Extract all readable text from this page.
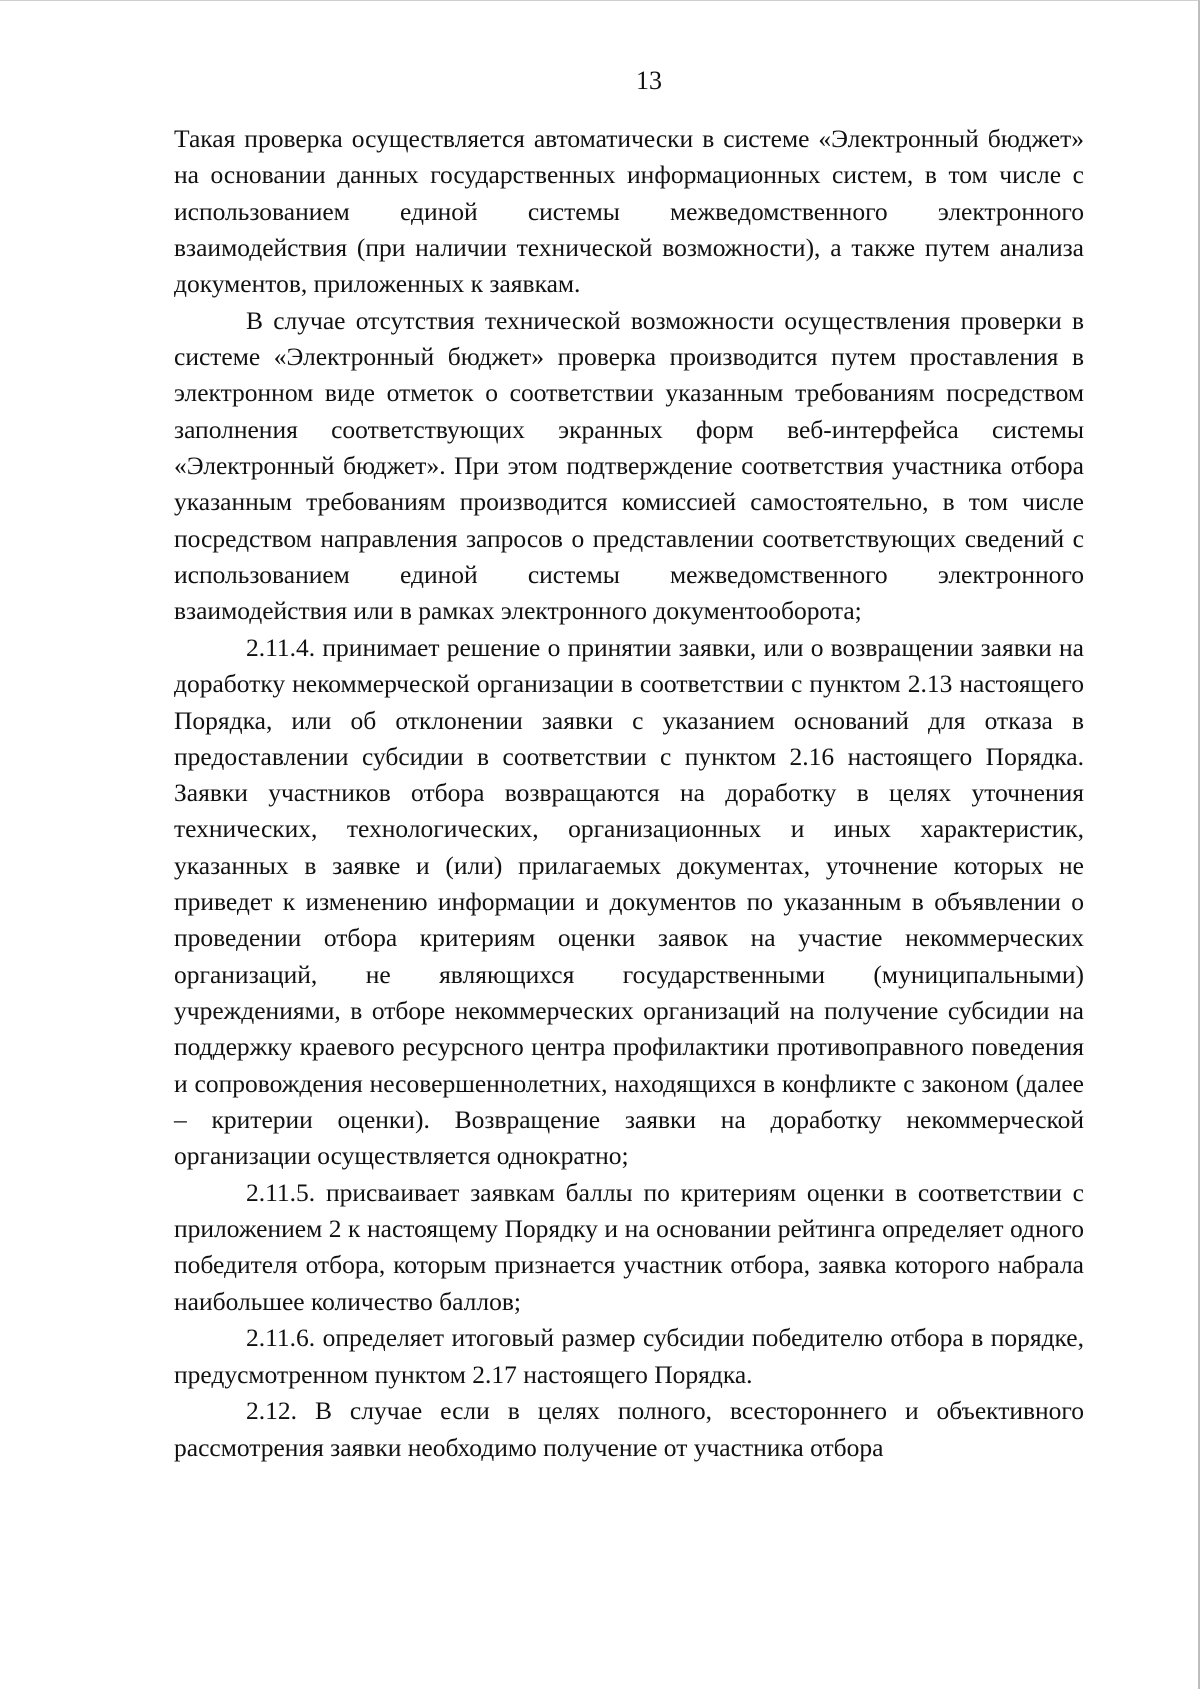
13

Такая проверка осуществляется автоматически в системе «Электронный бюджет» на основании данных государственных информационных систем, в том числе с использованием единой системы межведомственного электронного взаимодействия (при наличии технической возможности), а также путем анализа документов, приложенных к заявкам.

В случае отсутствия технической возможности осуществления проверки в системе «Электронный бюджет» проверка производится путем проставления в электронном виде отметок о соответствии указанным требованиям посредством заполнения соответствующих экранных форм веб-интерфейса системы «Электронный бюджет». При этом подтверждение соответствия участника отбора указанным требованиям производится комиссией самостоятельно, в том числе посредством направления запросов о представлении соответствующих сведений с использованием единой системы межведомственного электронного взаимодействия или в рамках электронного документооборота;

2.11.4. принимает решение о принятии заявки, или о возвращении заявки на доработку некоммерческой организации в соответствии с пунктом 2.13 настоящего Порядка, или об отклонении заявки с указанием оснований для отказа в предоставлении субсидии в соответствии с пунктом 2.16 настоящего Порядка. Заявки участников отбора возвращаются на доработку в целях уточнения технических, технологических, организационных и иных характеристик, указанных в заявке и (или) прилагаемых документах, уточнение которых не приведет к изменению информации и документов по указанным в объявлении о проведении отбора критериям оценки заявок на участие некоммерческих организаций, не являющихся государственными (муниципальными) учреждениями, в отборе некоммерческих организаций на получение субсидии на поддержку краевого ресурсного центра профилактики противоправного поведения и сопровождения несовершеннолетних, находящихся в конфликте с законом (далее – критерии оценки). Возвращение заявки на доработку некоммерческой организации осуществляется однократно;

2.11.5. присваивает заявкам баллы по критериям оценки в соответствии с приложением 2 к настоящему Порядку и на основании рейтинга определяет одного победителя отбора, которым признается участник отбора, заявка которого набрала наибольшее количество баллов;

2.11.6. определяет итоговый размер субсидии победителю отбора в порядке, предусмотренном пунктом 2.17 настоящего Порядка.

2.12. В случае если в целях полного, всестороннего и объективного рассмотрения заявки необходимо получение от участника отбора
